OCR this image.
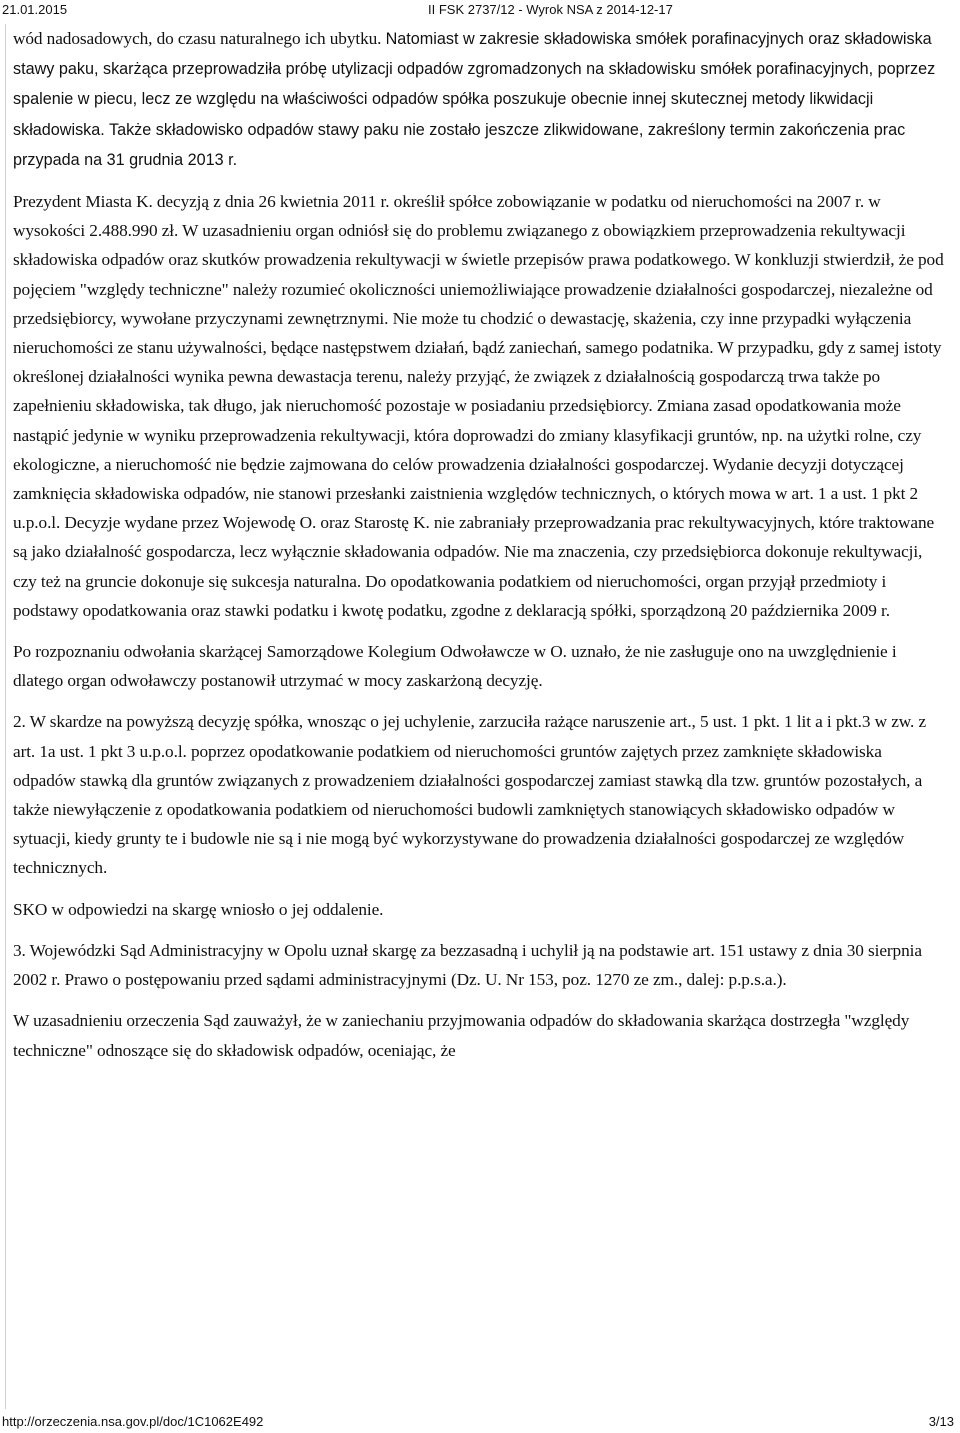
21.01.2015	II FSK 2737/12 - Wyrok NSA z 2014-12-17

wód nadosadowych, do czasu naturalnego ich ubytku. Natomiast w zakresie składowiska smółek porafinacyjnych oraz składowiska stawy paku, skarżąca przeprowadziła próbę utylizacji odpadów zgromadzonych na składowisku smółek porafinacyjnych, poprzez spalenie w piecu, lecz ze względu na właściwości odpadów spółka poszukuje obecnie innej skutecznej metody likwidacji składowiska. Także składowisko odpadów stawy paku nie zostało jeszcze zlikwidowane, zakreślony termin zakończenia prac przypada na 31 grudnia 2013 r.

Prezydent Miasta K. decyzją z dnia 26 kwietnia 2011 r. określił spółce zobowiązanie w podatku od nieruchomości na 2007 r. w wysokości 2.488.990 zł. W uzasadnieniu organ odniósł się do problemu związanego z obowiązkiem przeprowadzenia rekultywacji składowiska odpadów oraz skutków prowadzenia rekultywacji w świetle przepisów prawa podatkowego. W konkluzji stwierdził, że pod pojęciem "względy techniczne" należy rozumieć okoliczności uniemożliwiające prowadzenie działalności gospodarczej, niezależne od przedsiębiorcy, wywołane przyczynami zewnętrznymi. Nie może tu chodzić o dewastację, skażenia, czy inne przypadki wyłączenia nieruchomości ze stanu używalności, będące następstwem działań, bądź zaniechań, samego podatnika. W przypadku, gdy z samej istoty określonej działalności wynika pewna dewastacja terenu, należy przyjąć, że związek z działalnością gospodarczą trwa także po zapełnieniu składowiska, tak długo, jak nieruchomość pozostaje w posiadaniu przedsiębiorcy. Zmiana zasad opodatkowania może nastąpić jedynie w wyniku przeprowadzenia rekultywacji, która doprowadzi do zmiany klasyfikacji gruntów, np. na użytki rolne, czy ekologiczne, a nieruchomość nie będzie zajmowana do celów prowadzenia działalności gospodarczej. Wydanie decyzji dotyczącej zamknięcia składowiska odpadów, nie stanowi przesłanki zaistnienia względów technicznych, o których mowa w art. 1 a ust. 1 pkt 2 u.p.o.l. Decyzje wydane przez Wojewodę O. oraz Starostę K. nie zabraniały przeprowadzania prac rekultywacyjnych, które traktowane są jako działalność gospodarcza, lecz wyłącznie składowania odpadów. Nie ma znaczenia, czy przedsiębiorca dokonuje rekultywacji, czy też na gruncie dokonuje się sukcesja naturalna. Do opodatkowania podatkiem od nieruchomości, organ przyjął przedmioty i podstawy opodatkowania oraz stawki podatku i kwotę podatku, zgodne z deklaracją spółki, sporządzoną 20 października 2009 r.

Po rozpoznaniu odwołania skarżącej Samorządowe Kolegium Odwoławcze w O. uznało, że nie zasługuje ono na uwzględnienie i dlatego organ odwoławczy postanowił utrzymać w mocy zaskarżoną decyzję.

2. W skardze na powyższą decyzję spółka, wnosząc o jej uchylenie, zarzuciła rażące naruszenie art., 5 ust. 1 pkt. 1 lit a i pkt.3 w zw. z art. 1a ust. 1 pkt 3 u.p.o.l. poprzez opodatkowanie podatkiem od nieruchomości gruntów zajętych przez zamknięte składowiska odpadów stawką dla gruntów związanych z prowadzeniem działalności gospodarczej zamiast stawką dla tzw. gruntów pozostałych, a także niewyłączenie z opodatkowania podatkiem od nieruchomości budowli zamkniętych stanowiących składowisko odpadów w sytuacji, kiedy grunty te i budowle nie są i nie mogą być wykorzystywane do prowadzenia działalności gospodarczej ze względów technicznych.

SKO w odpowiedzi na skargę wniosło o jej oddalenie.

3. Wojewódzki Sąd Administracyjny w Opolu uznał skargę za bezzasadną i uchylił ją na podstawie art. 151 ustawy z dnia 30 sierpnia 2002 r. Prawo o postępowaniu przed sądami administracyjnymi (Dz. U. Nr 153, poz. 1270 ze zm., dalej: p.p.s.a.).

W uzasadnieniu orzeczenia Sąd zauważył, że w zaniechaniu przyjmowania odpadów do składowania skarżąca dostrzegła "względy techniczne" odnoszące się do składowisk odpadów, oceniając, że

http://orzeczenia.nsa.gov.pl/doc/1C1062E492	3/13
